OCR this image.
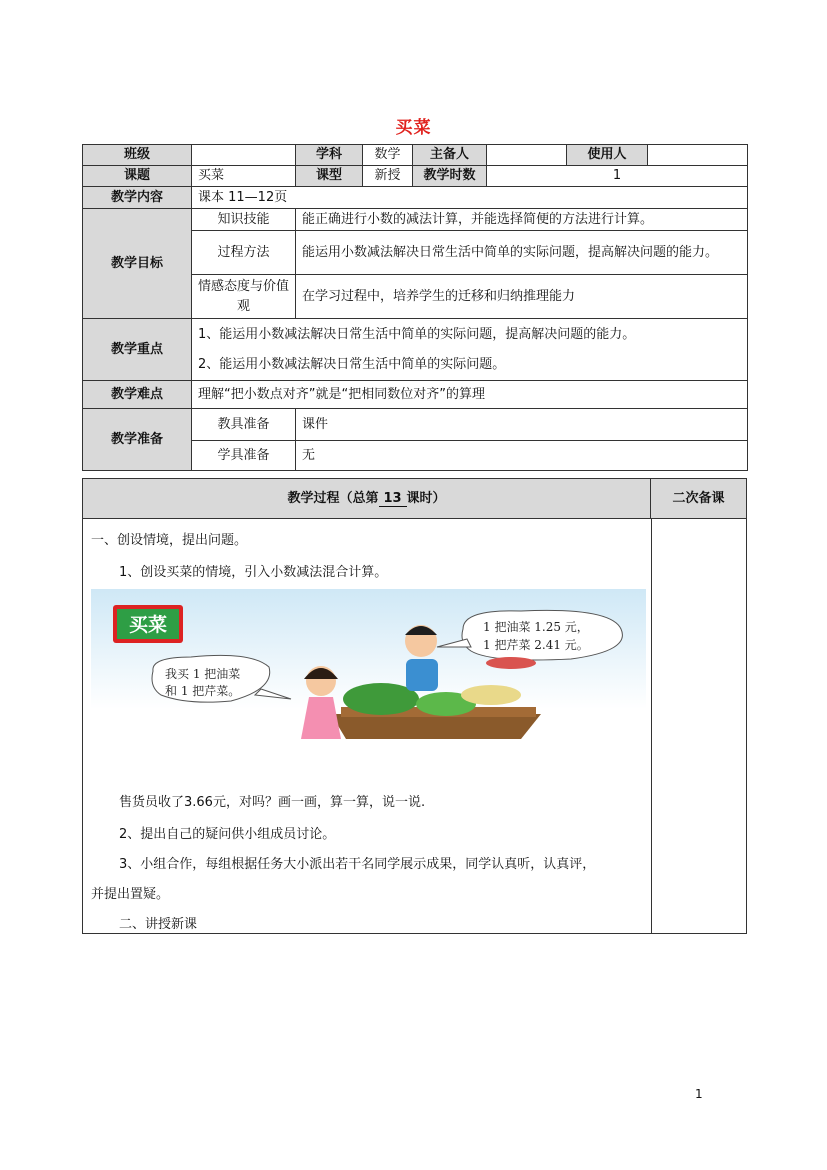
买菜
班级		学科	数学	主备人		使用人	
课题	买菜	课型	新授	教学时数	1		
教学内容	课本 11—12页						
教学目标	知识技能	能正确进行小数的减法计算，并能选择简便的方法进行计算。					
	过程方法	能运用小数减法解决日常生活中简单的实际问题，提高解决问题的能力。					
	情感态度与价值观	在学习过程中，培养学生的迁移和归纳推理能力					
教学重点	1、能运用小数减法解决日常生活中简单的实际问题，提高解决问题的能力。
2、能运用小数减法解决日常生活中简单的实际问题。						

教学难点	理解“把小数点对齐”就是“把相同数位对齐”的算理						
教学准备	教具准备	课件					
	学具准备	无					
教学过程（总第 13 课时）	二次备课
一、创设情境，提出问题。
1、创设买菜的情境，引入小数减法混合计算。
买菜
我买 1 把油菜
和 1 把芹菜。
1 把油菜 1.25 元，
1 把芹菜 2.41 元。
售货员收了3.66元，对吗？画一画，算一算，说一说.
2、提出自己的疑问供小组成员讨论。
3、小组合作，每组根据任务大小派出若干名同学展示成果，同学认真听，认真评，
并提出置疑。
二、讲授新课
1
